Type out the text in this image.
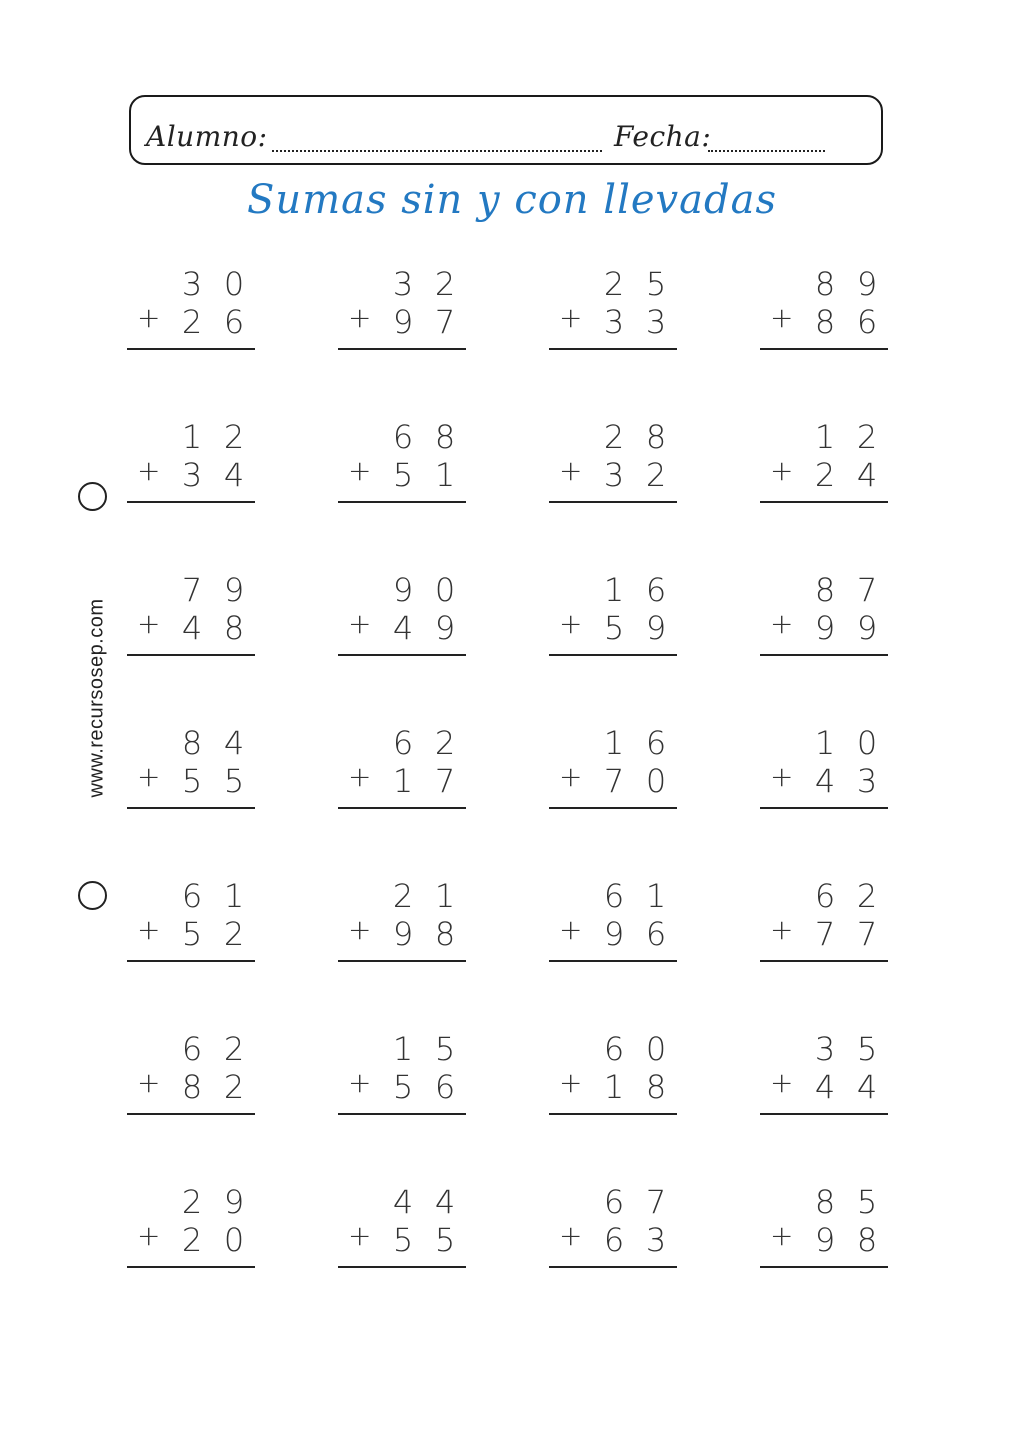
Alumno:	Fecha:
Sumas sin y con llevadas
www.recursosep.com
3 0
2 6
+
3 2
9 7
+
2 5
3 3
+
8 9
8 6
+
1 2
3 4
+
6 8
5 1
+
2 8
3 2
+
1 2
2 4
+
7 9
4 8
+
9 0
4 9
+
1 6
5 9
+
8 7
9 9
+
8 4
5 5
+
6 2
1 7
+
1 6
7 0
+
1 0
4 3
+
6 1
5 2
+
2 1
9 8
+
6 1
9 6
+
6 2
7 7
+
6 2
8 2
+
1 5
5 6
+
6 0
1 8
+
3 5
4 4
+
2 9
2 0
+
4 4
5 5
+
6 7
6 3
+
8 5
9 8
+
